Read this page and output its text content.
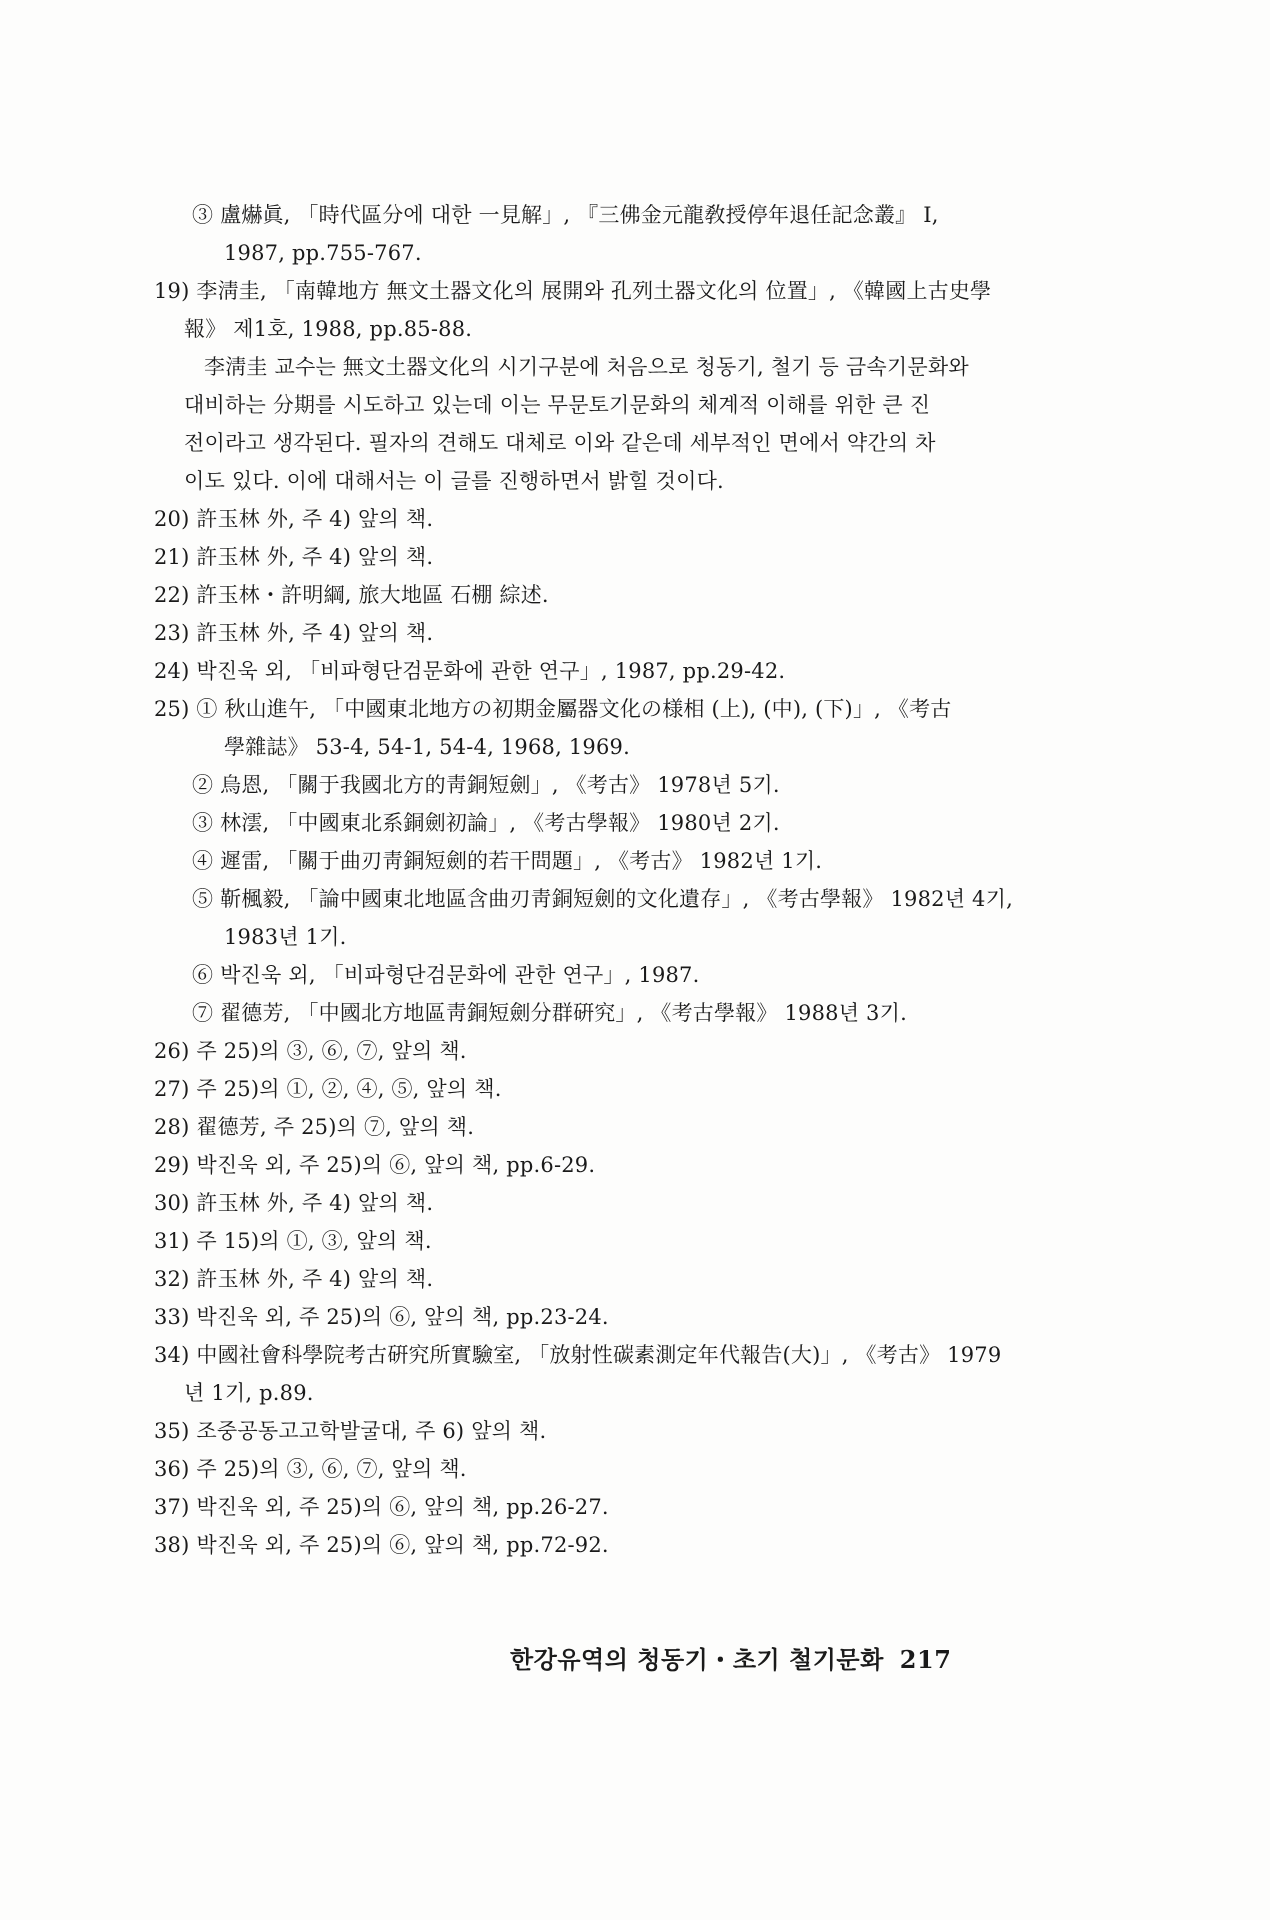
③ 盧爀眞, 「時代區分에 대한 一見解」, 『三佛金元龍敎授停年退任記念叢』 Ⅰ,
1987, pp.755-767.
19) 李淸圭, 「南韓地方 無文土器文化의 展開와 孔列土器文化의 位置」, 《韓國上古史學
報》 제1호, 1988, pp.85-88.
李淸圭 교수는 無文土器文化의 시기구분에 처음으로 청동기, 철기 등 금속기문화와
대비하는 分期를 시도하고 있는데 이는 무문토기문화의 체계적 이해를 위한 큰 진
전이라고 생각된다. 필자의 견해도 대체로 이와 같은데 세부적인 면에서 약간의 차
이도 있다. 이에 대해서는 이 글를 진행하면서 밝힐 것이다.
20) 許玉林 外, 주 4) 앞의 책.
21) 許玉林 外, 주 4) 앞의 책.
22) 許玉林・許明綱, 旅大地區 石棚 綜述.
23) 許玉林 外, 주 4) 앞의 책.
24) 박진욱 외, 「비파형단검문화에 관한 연구」, 1987, pp.29-42.
25) ① 秋山進午, 「中國東北地方の初期金屬器文化の様相 (上), (中), (下)」, 《考古
學雜誌》 53-4, 54-1, 54-4, 1968, 1969.
② 烏恩, 「關于我國北方的靑銅短劍」, 《考古》 1978년 5기.
③ 林澐, 「中國東北系銅劍初論」, 《考古學報》 1980년 2기.
④ 遲雷, 「關于曲刃靑銅短劍的若干問題」, 《考古》 1982년 1기.
⑤ 靳楓毅, 「論中國東北地區含曲刃靑銅短劍的文化遺存」, 《考古學報》 1982년 4기,
1983년 1기.
⑥ 박진욱 외, 「비파형단검문화에 관한 연구」, 1987.
⑦ 翟德芳, 「中國北方地區靑銅短劍分群硏究」, 《考古學報》 1988년 3기.
26) 주 25)의 ③, ⑥, ⑦, 앞의 책.
27) 주 25)의 ①, ②, ④, ⑤, 앞의 책.
28) 翟德芳, 주 25)의 ⑦, 앞의 책.
29) 박진욱 외, 주 25)의 ⑥, 앞의 책, pp.6-29.
30) 許玉林 外, 주 4) 앞의 책.
31) 주 15)의 ①, ③, 앞의 책.
32) 許玉林 外, 주 4) 앞의 책.
33) 박진욱 외, 주 25)의 ⑥, 앞의 책, pp.23-24.
34) 中國社會科學院考古硏究所實驗室, 「放射性碳素測定年代報告(大)」, 《考古》 1979
년 1기, p.89.
35) 조중공동고고학발굴대, 주 6) 앞의 책.
36) 주 25)의 ③, ⑥, ⑦, 앞의 책.
37) 박진욱 외, 주 25)의 ⑥, 앞의 책, pp.26-27.
38) 박진욱 외, 주 25)의 ⑥, 앞의 책, pp.72-92.
한강유역의 청동기・초기 철기문화 217
